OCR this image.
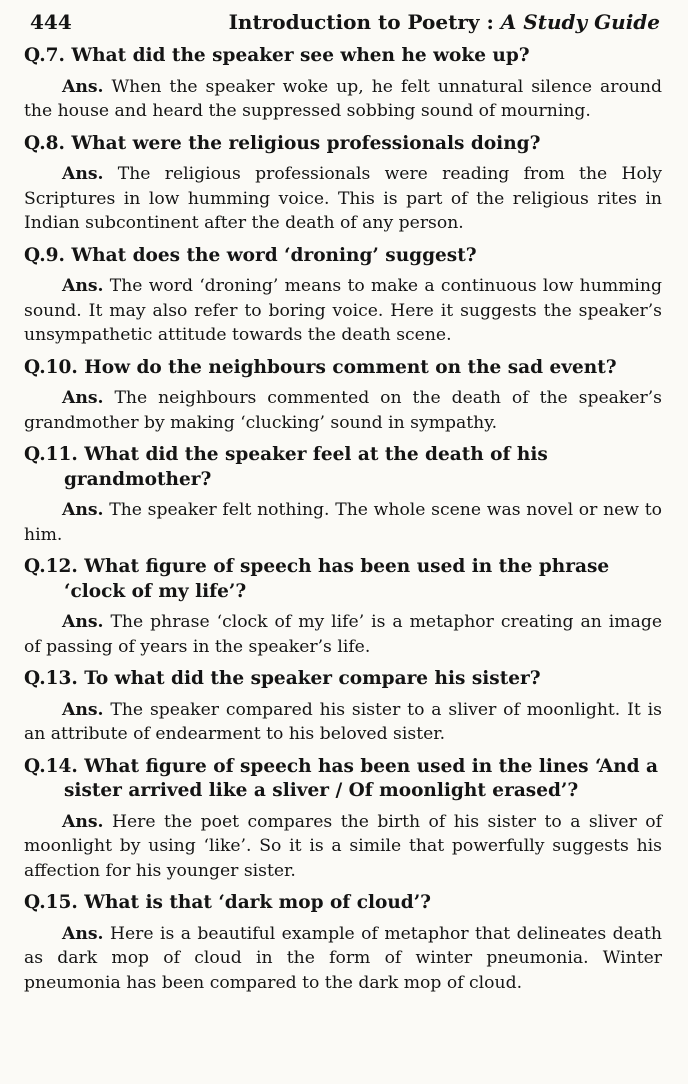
444	Introduction to Poetry : A Study Guide

Q.7. What did the speaker see when he woke up?

Ans. When the speaker woke up, he felt unnatural silence around the house and heard the suppressed sobbing sound of mourning.

Q.8. What were the religious professionals doing?

Ans. The religious professionals were reading from the Holy Scriptures in low humming voice. This is part of the religious rites in Indian subcontinent after the death of any person.

Q.9. What does the word ‘droning’ suggest?

Ans. The word ‘droning’ means to make a continuous low humming sound. It may also refer to boring voice. Here it suggests the speaker’s unsympathetic attitude towards the death scene.

Q.10. How do the neighbours comment on the sad event?

Ans. The neighbours commented on the death of the speaker’s grandmother by making ‘clucking’ sound in sympathy.

Q.11. What did the speaker feel at the death of his grandmother?

Ans. The speaker felt nothing. The whole scene was novel or new to him.

Q.12. What figure of speech has been used in the phrase ‘clock of my life’?

Ans. The phrase ‘clock of my life’ is a metaphor creating an image of passing of years in the speaker’s life.

Q.13. To what did the speaker compare his sister?

Ans. The speaker compared his sister to a sliver of moonlight. It is an attribute of endearment to his beloved sister.

Q.14. What figure of speech has been used in the lines ‘And a sister arrived like a sliver / Of moonlight erased’?

Ans. Here the poet compares the birth of his sister to a sliver of moonlight by using ‘like’. So it is a simile that powerfully suggests his affection for his younger sister.

Q.15. What is that ‘dark mop of cloud’?

Ans. Here is a beautiful example of metaphor that delineates death as dark mop of cloud in the form of winter pneumonia. Winter pneumonia has been compared to the dark mop of cloud.
